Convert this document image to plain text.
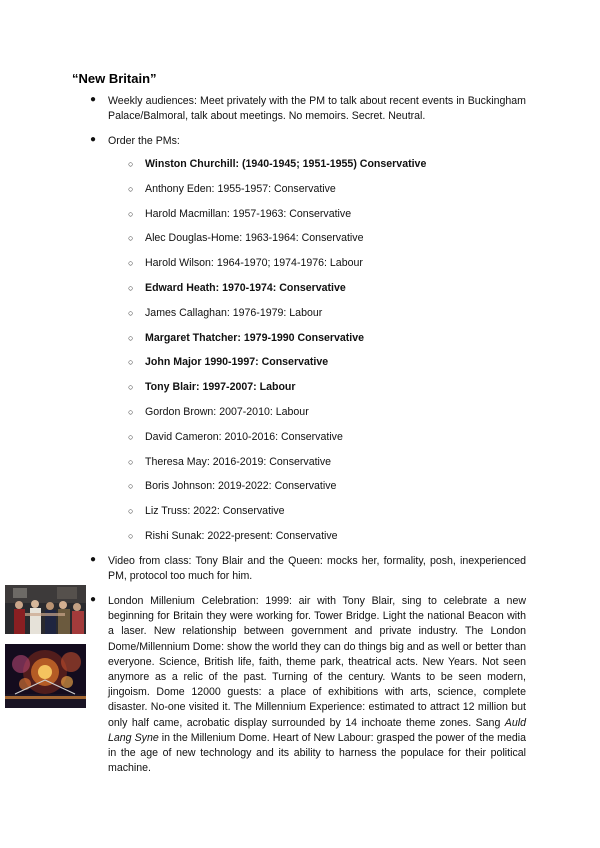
“New Britain”
● Weekly audiences: Meet privately with the PM to talk about recent events in Buckingham Palace/Balmoral, talk about meetings. No memoirs. Secret. Neutral.
● Order the PMs:
○ Winston Churchill: (1940-1945; 1951-1955) Conservative
○ Anthony Eden: 1955-1957: Conservative
○ Harold Macmillan: 1957-1963: Conservative
○ Alec Douglas-Home: 1963-1964: Conservative
○ Harold Wilson: 1964-1970; 1974-1976: Labour
○ Edward Heath: 1970-1974: Conservative
○ James Callaghan: 1976-1979: Labour
○ Margaret Thatcher: 1979-1990 Conservative
○ John Major 1990-1997: Conservative
○ Tony Blair: 1997-2007: Labour
○ Gordon Brown: 2007-2010: Labour
○ David Cameron: 2010-2016: Conservative
○ Theresa May: 2016-2019: Conservative
○ Boris Johnson: 2019-2022: Conservative
○ Liz Truss: 2022: Conservative
○ Rishi Sunak: 2022-present: Conservative
● Video from class: Tony Blair and the Queen: mocks her, formality, posh, inexperienced PM, protocol too much for him.
● London Millenium Celebration: 1999: air with Tony Blair, sing to celebrate a new beginning for Britain they were working for. Tower Bridge. Light the national Beacon with a laser. New relationship between government and private industry. The London Dome/Millennium Dome: show the world they can do things big and as well or better than everyone. Science, British life, faith, theme park, theatrical acts. New Years. Not seen anymore as a relic of the past. Turning of the century. Wants to be seen modern, jingoism. Dome 12000 guests: a place of exhibitions with arts, science, complete disaster. No-one visited it. The Millennium Experience: estimated to attract 12 million but only half came, acrobatic display surrounded by 14 inchoate theme zones. Sang Auld Lang Syne in the Millenium Dome. Heart of New Labour: grasped the power of the media in the age of new technology and its ability to harness the populace for their political machine.
